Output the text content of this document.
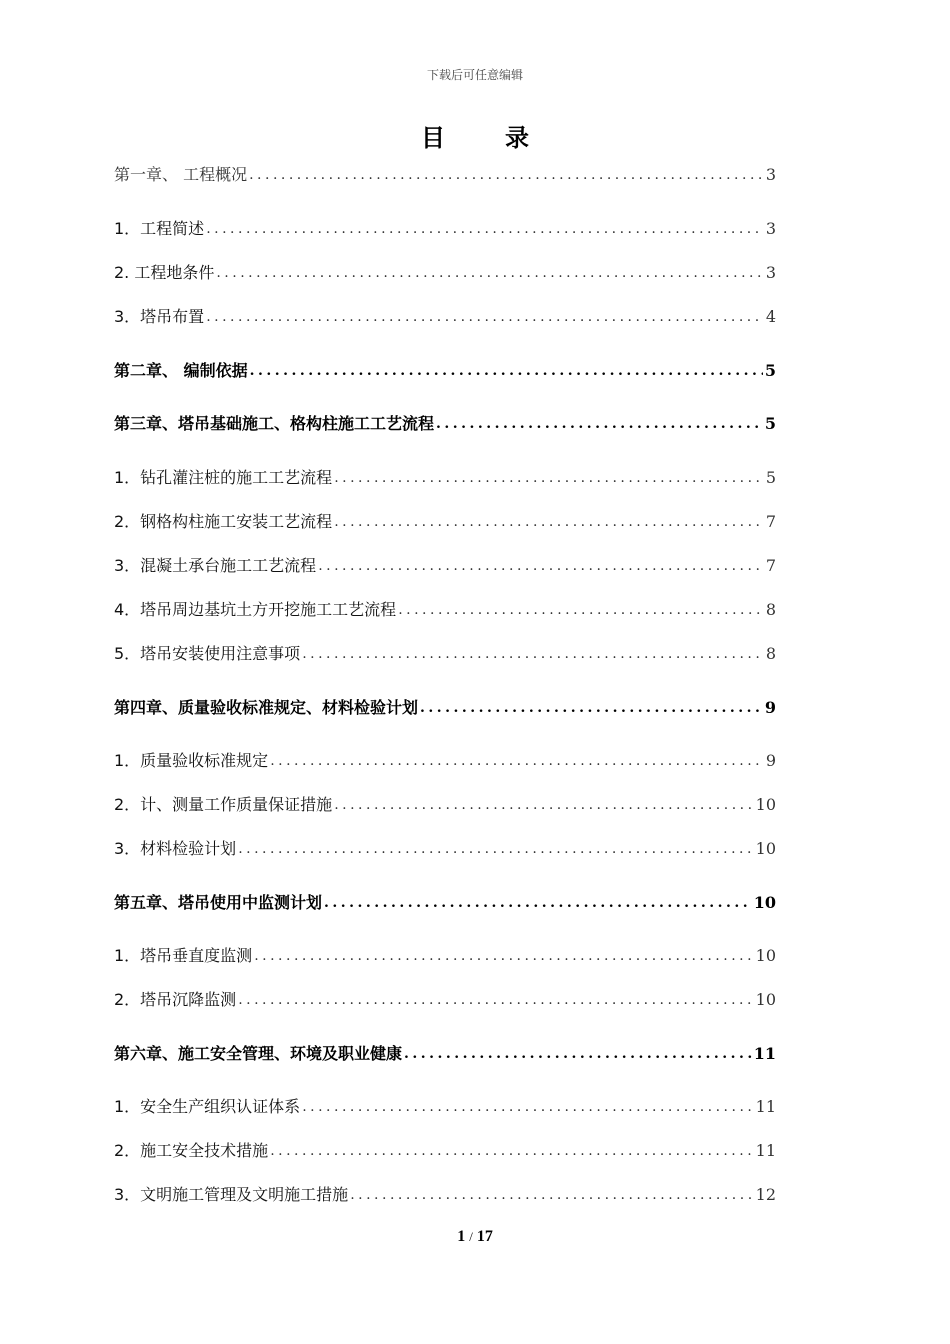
下载后可任意编辑
目录
第一章、 工程概况 .....	3
1．工程简述 .....	3
2. 工程地条件 .....	3
3．塔吊布置 .....	4
第二章、 编制依据 .....	5
第三章、塔吊基础施工、格构柱施工工艺流程 .....	5
1．钻孔灌注桩的施工工艺流程 .....	5
2．钢格构柱施工安装工艺流程 .....	7
3．混凝土承台施工工艺流程 .....	7
4．塔吊周边基坑土方开挖施工工艺流程 .....	8
5．塔吊安装使用注意事项 .....	8
第四章、质量验收标准规定、材料检验计划 .....	9
1．质量验收标准规定 .....	9
2．计、测量工作质量保证措施 .....	10
3．材料检验计划 .....	10
第五章、塔吊使用中监测计划 .....	10
1．塔吊垂直度监测 .....	10
2．塔吊沉降监测 .....	10
第六章、施工安全管理、环境及职业健康 .....	11
1．安全生产组织认证体系 .....	11
2．施工安全技术措施 .....	11
3．文明施工管理及文明施工措施 .....	12
1 / 17
